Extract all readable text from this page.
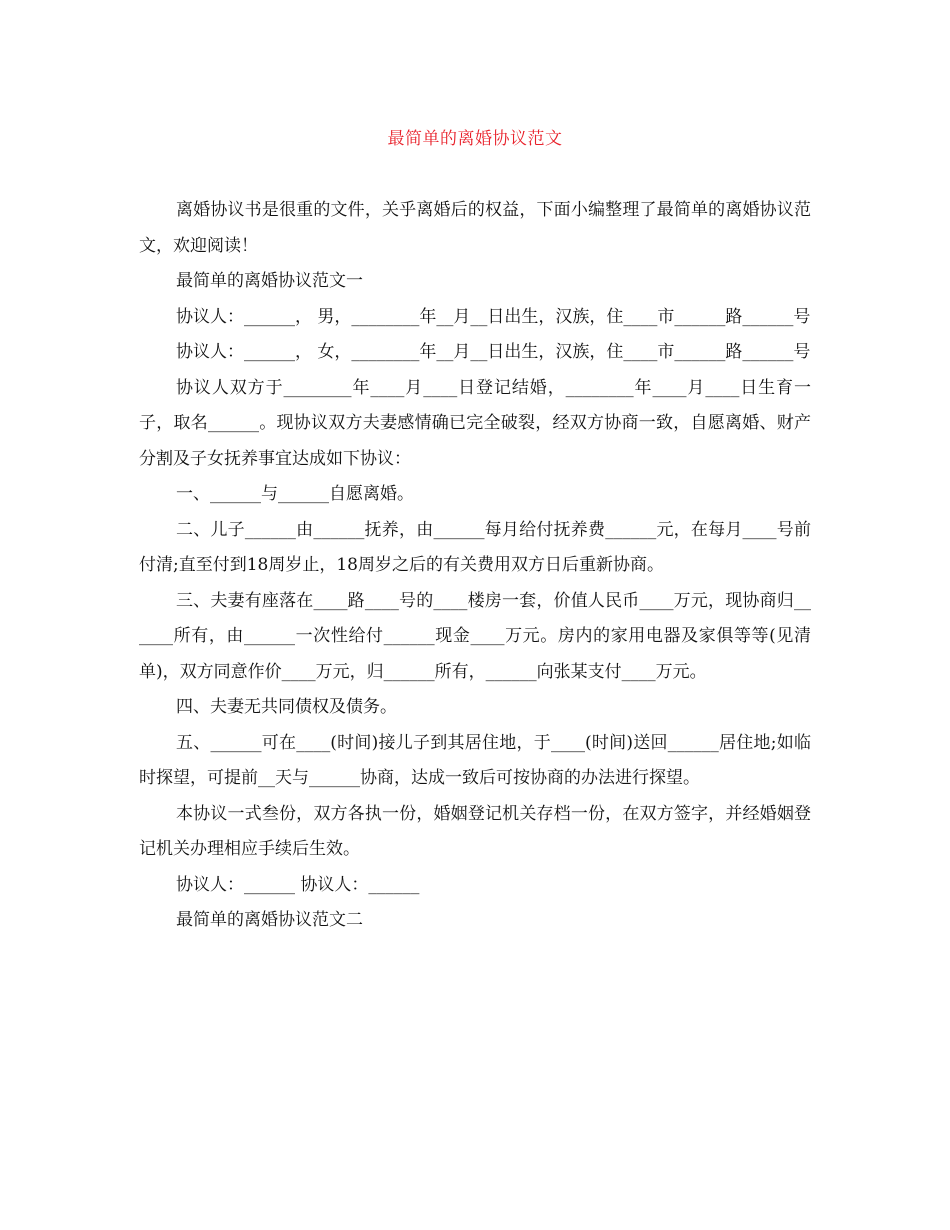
最简单的离婚协议范文

离婚协议书是很重的文件，关乎离婚后的权益，下面小编整理了最简单的离婚协议范文，欢迎阅读！

最简单的离婚协议范文一

协议人：______， 男，________年__月__日出生，汉族，住____市______路______号

协议人：______， 女，________年__月__日出生，汉族，住____市______路______号

协议人双方于________年____月____日登记结婚，________年____月____日生育一子，取名______。现协议双方夫妻感情确已完全破裂，经双方协商一致，自愿离婚、财产分割及子女抚养事宜达成如下协议：

一、______与______自愿离婚。

二、儿子______由______抚养，由______每月给付抚养费______元，在每月____号前付清;直至付到18周岁止，18周岁之后的有关费用双方日后重新协商。

三、夫妻有座落在____路____号的____楼房一套，价值人民币____万元，现协商归______所有，由______一次性给付______现金____万元。房内的家用电器及家俱等等(见清单)，双方同意作价____万元，归______所有，______向张某支付____万元。

四、夫妻无共同债权及债务。

五、______可在____(时间)接儿子到其居住地，于____(时间)送回______居住地;如临时探望，可提前__天与______协商，达成一致后可按协商的办法进行探望。

本协议一式叁份，双方各执一份，婚姻登记机关存档一份，在双方签字，并经婚姻登记机关办理相应手续后生效。

协议人：______ 协议人：______

最简单的离婚协议范文二
